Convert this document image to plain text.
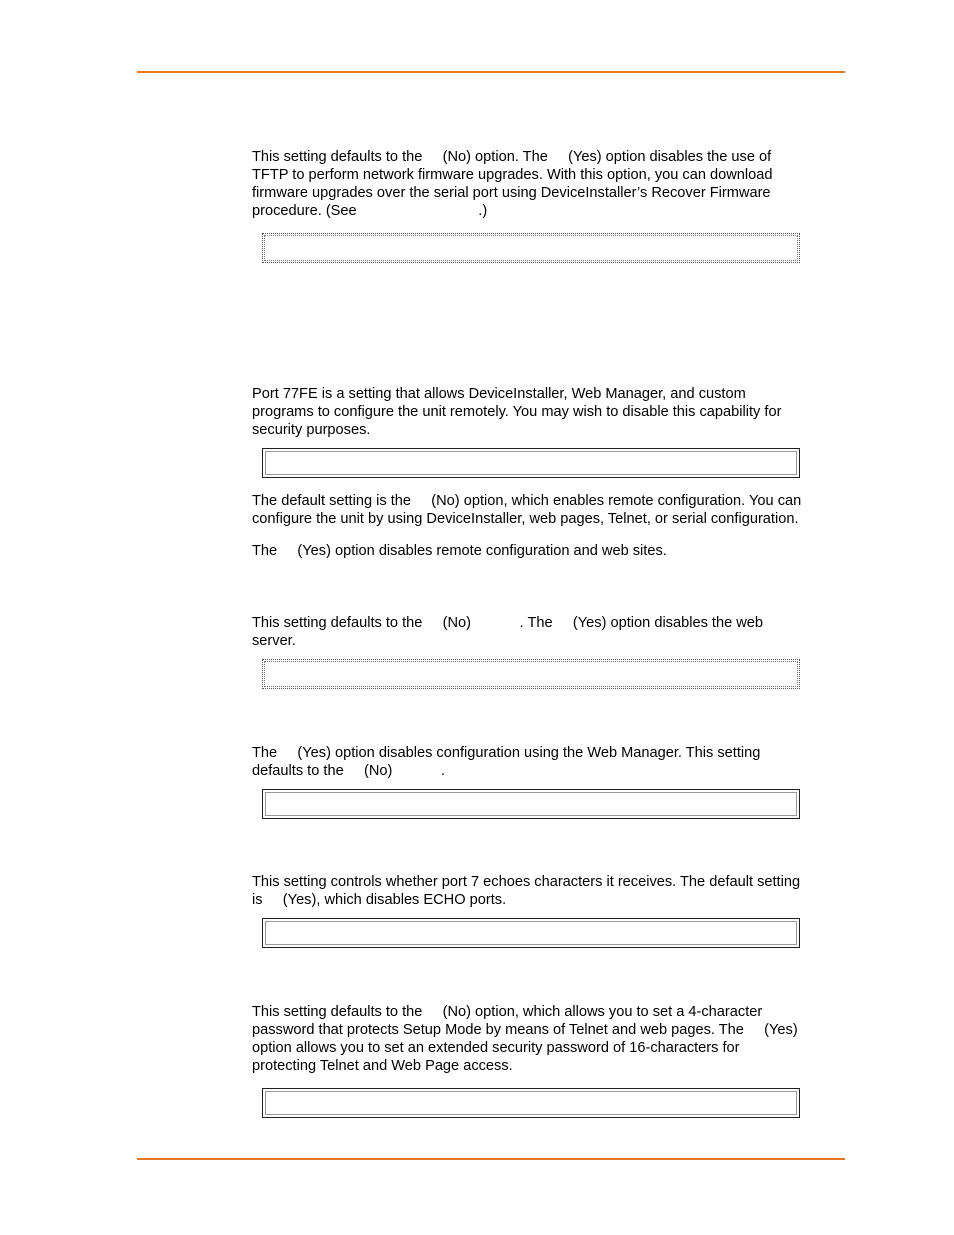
This setting defaults to the     (No) option. The     (Yes) option disables the use of
TFTP to perform network firmware upgrades. With this option, you can download
firmware upgrades over the serial port using DeviceInstaller’s Recover Firmware
procedure. (See                              .)

Port 77FE is a setting that allows DeviceInstaller, Web Manager, and custom
programs to configure the unit remotely. You may wish to disable this capability for
security purposes.

The default setting is the     (No) option, which enables remote configuration. You can
configure the unit by using DeviceInstaller, web pages, Telnet, or serial configuration.

The     (Yes) option disables remote configuration and web sites.

This setting defaults to the     (No)            . The     (Yes) option disables the web
server.

The     (Yes) option disables configuration using the Web Manager. This setting
defaults to the     (No)            .

This setting controls whether port 7 echoes characters it receives. The default setting
is     (Yes), which disables ECHO ports.

This setting defaults to the     (No) option, which allows you to set a 4-character
password that protects Setup Mode by means of Telnet and web pages. The     (Yes)
option allows you to set an extended security password of 16-characters for
protecting Telnet and Web Page access.
